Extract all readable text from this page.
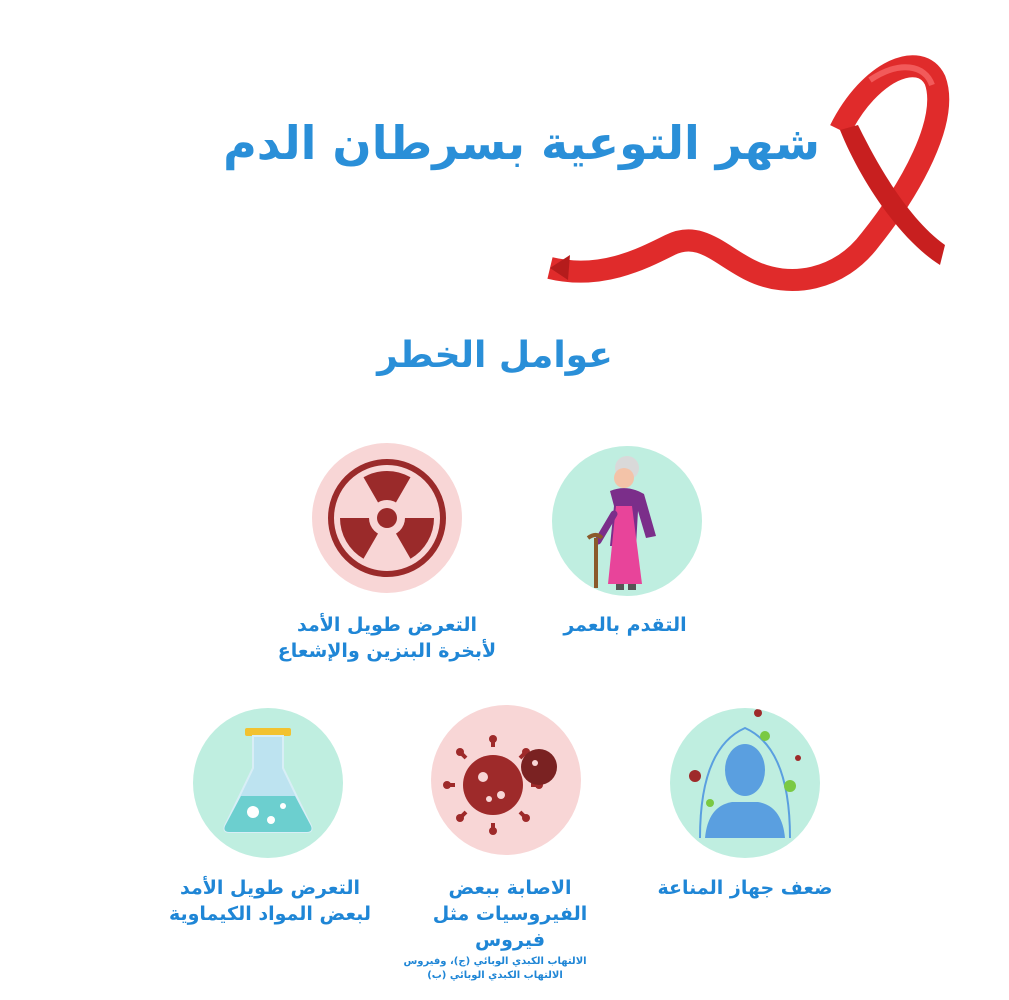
شهر التوعية بسرطان الدم
عوامل الخطر
التقدم بالعمر
التعرض طويل الأمد
لأبخرة البنزين والإشعاع
ضعف جهاز المناعة
الاصابة ببعض
الفيروسيات مثل
فيروس
الالتهاب الكبدي الوبائي (ج)، وفيروس
الالتهاب الكبدي الوبائي (ب)
التعرض طويل الأمد
لبعض المواد الكيماوية
